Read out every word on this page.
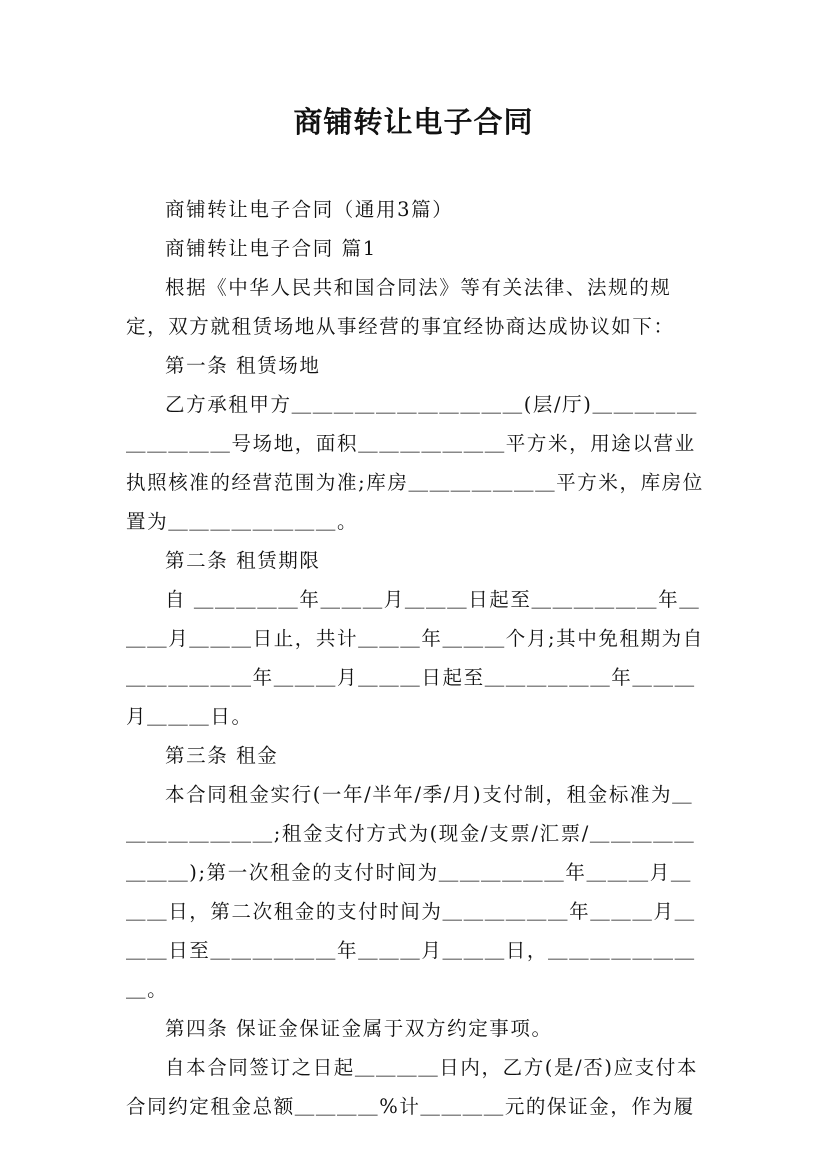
商铺转让电子合同

商铺转让电子合同（通用3篇）

商铺转让电子合同 篇1

根据《中华人民共和国合同法》等有关法律、法规的规定，双方就租赁场地从事经营的事宜经协商达成协议如下：

第一条 租赁场地

乙方承租甲方＿＿＿＿＿＿＿＿＿＿＿(层/厅)＿＿＿＿＿＿＿＿＿＿号场地，面积＿＿＿＿＿＿＿平方米，用途以营业执照核准的经营范围为准;库房＿＿＿＿＿＿＿平方米，库房位置为＿＿＿＿＿＿＿＿。

第二条 租赁期限

自 ＿＿＿＿＿年＿＿＿月＿＿＿日起至＿＿＿＿＿＿年＿＿＿月＿＿＿日止，共计＿＿＿年＿＿＿个月;其中免租期为自＿＿＿＿＿＿年＿＿＿月＿＿＿日起至＿＿＿＿＿＿年＿＿＿月＿＿＿日。

第三条 租金

本合同租金实行(一年/半年/季/月)支付制，租金标准为＿＿＿＿＿＿＿＿;租金支付方式为(现金/支票/汇票/＿＿＿＿＿＿＿＿);第一次租金的支付时间为＿＿＿＿＿＿年＿＿＿月＿＿＿日，第二次租金的支付时间为＿＿＿＿＿＿年＿＿＿月＿＿＿日至＿＿＿＿＿＿年＿＿＿月＿＿＿日，＿＿＿＿＿＿＿＿。

第四条 保证金保证金属于双方约定事项。

自本合同签订之日起＿＿＿＿日内，乙方(是/否)应支付本合同约定租金总额＿＿＿＿%计＿＿＿＿元的保证金，作为履
